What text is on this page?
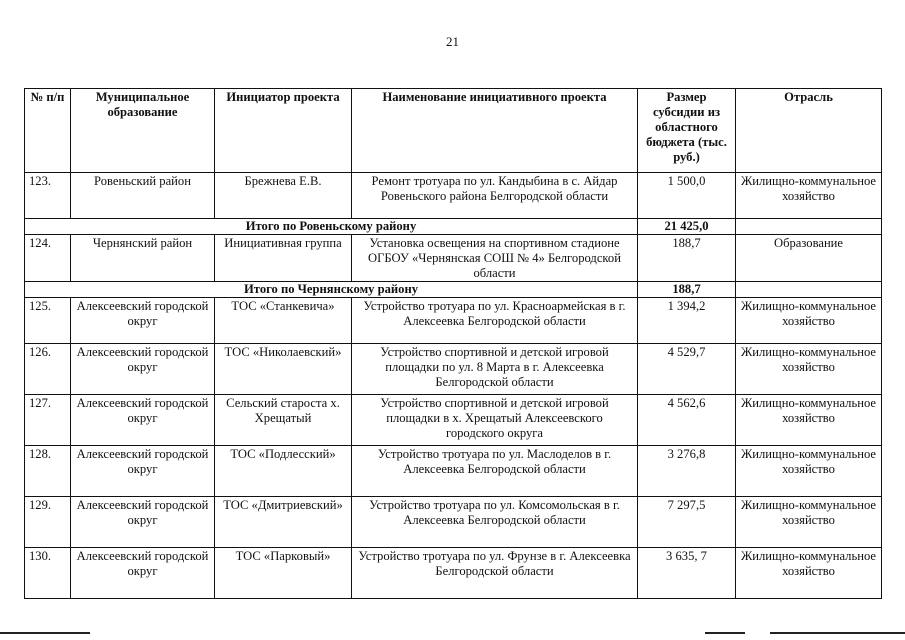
21
№ п/п	Муниципальное образование	Инициатор проекта	Наименование инициативного проекта	Размер субсидии из областного бюджета (тыс. руб.)	Отрасль
123.	Ровеньский район	Брежнева Е.В.	Ремонт тротуара по ул. Кандыбина в с. Айдар Ровеньского района Белгородской области	1 500,0	Жилищно-коммунальное хозяйство
Итого по Ровеньскому району				21 425,0	
124.	Чернянский район	Инициативная группа	Установка освещения на спортивном стадионе ОГБОУ «Чернянская СОШ № 4» Белгородской области	188,7	Образование
Итого по Чернянскому району				188,7	
125.	Алексеевский городской округ	ТОС «Станкевича»	Устройство тротуара по ул. Красноармейская в г. Алексеевка Белгородской области	1 394,2	Жилищно-коммунальное хозяйство
126.	Алексеевский городской округ	ТОС «Николаевский»	Устройство спортивной и детской игровой площадки по ул. 8 Марта в г. Алексеевка Белгородской области	4 529,7	Жилищно-коммунальное хозяйство
127.	Алексеевский городской округ	Сельский староста х. Хрещатый	Устройство спортивной и детской игровой площадки в х. Хрещатый Алексеевского городского округа	4 562,6	Жилищно-коммунальное хозяйство
128.	Алексеевский городской округ	ТОС «Подлесский»	Устройство тротуара по ул. Маслоделов в г. Алексеевка Белгородской области	3 276,8	Жилищно-коммунальное хозяйство
129.	Алексеевский городской округ	ТОС «Дмитриевский»	Устройство тротуара по ул. Комсомольская в г. Алексеевка Белгородской области	7 297,5	Жилищно-коммунальное хозяйство
130.	Алексеевский городской округ	ТОС «Парковый»	Устройство тротуара по ул. Фрунзе в г. Алексеевка Белгородской области	3 635, 7	Жилищно-коммунальное хозяйство
